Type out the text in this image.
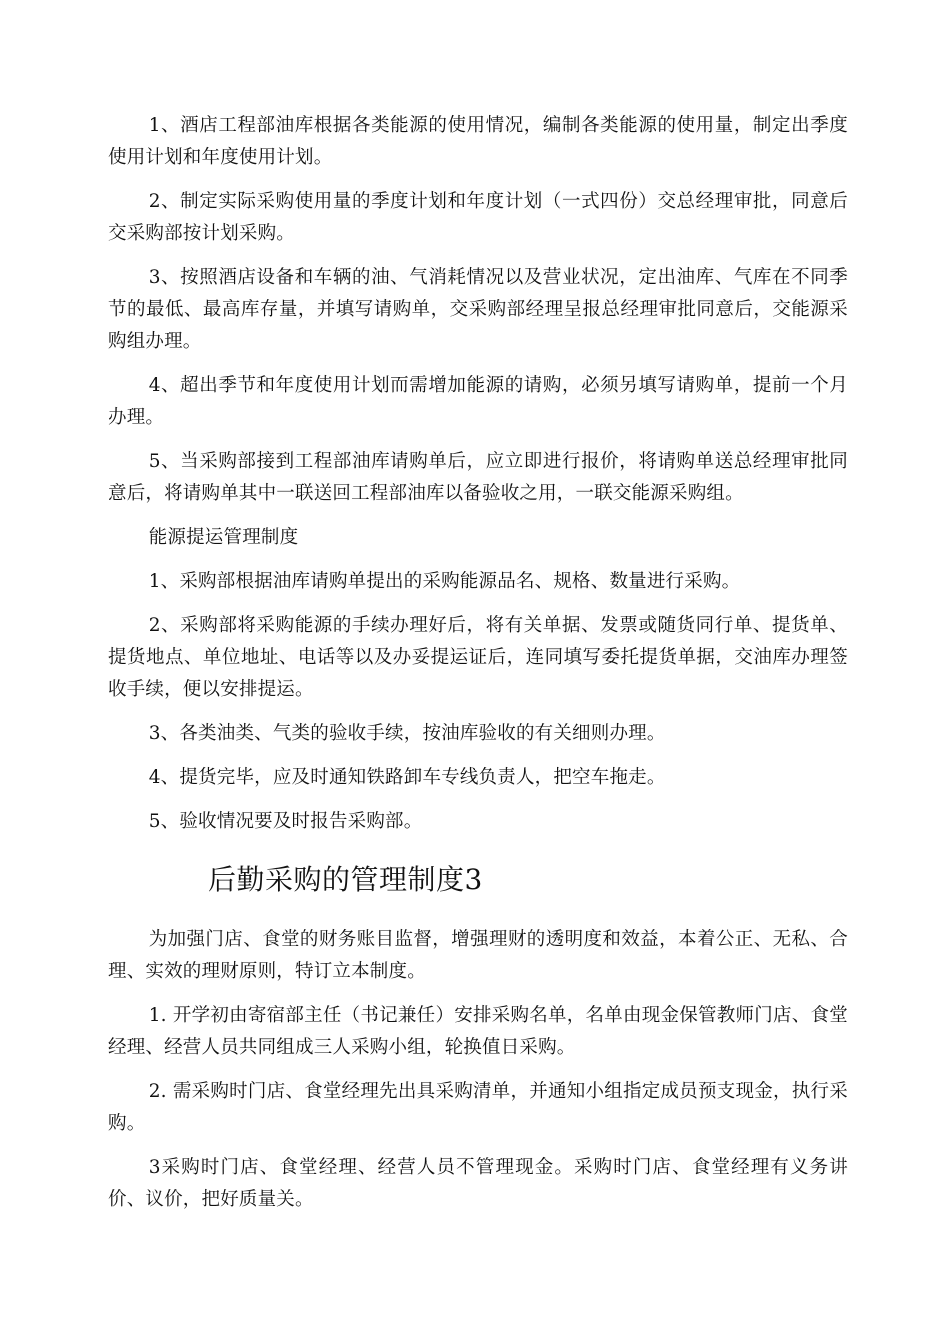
1、酒店工程部油库根据各类能源的使用情况，编制各类能源的使用量，制定出季度使用计划和年度使用计划。

2、制定实际采购使用量的季度计划和年度计划（一式四份）交总经理审批，同意后交采购部按计划采购。

3、按照酒店设备和车辆的油、气消耗情况以及营业状况，定出油库、气库在不同季节的最低、最高库存量，并填写请购单，交采购部经理呈报总经理审批同意后，交能源采购组办理。

4、超出季节和年度使用计划而需增加能源的请购，必须另填写请购单，提前一个月办理。

5、当采购部接到工程部油库请购单后，应立即进行报价，将请购单送总经理审批同意后，将请购单其中一联送回工程部油库以备验收之用，一联交能源采购组。

能源提运管理制度

1、采购部根据油库请购单提出的采购能源品名、规格、数量进行采购。

2、采购部将采购能源的手续办理好后，将有关单据、发票或随货同行单、提货单、提货地点、单位地址、电话等以及办妥提运证后，连同填写委托提货单据，交油库办理签收手续，便以安排提运。

3、各类油类、气类的验收手续，按油库验收的有关细则办理。

4、提货完毕，应及时通知铁路卸车专线负责人，把空车拖走。

5、验收情况要及时报告采购部。

后勤采购的管理制度3

为加强门店、食堂的财务账目监督，增强理财的透明度和效益，本着公正、无私、合理、实效的理财原则，特订立本制度。

1. 开学初由寄宿部主任（书记兼任）安排采购名单，名单由现金保管教师门店、食堂经理、经营人员共同组成三人采购小组，轮换值日采购。

2. 需采购时门店、食堂经理先出具采购清单，并通知小组指定成员预支现金，执行采购。

3采购时门店、食堂经理、经营人员不管理现金。采购时门店、食堂经理有义务讲价、议价，把好质量关。
